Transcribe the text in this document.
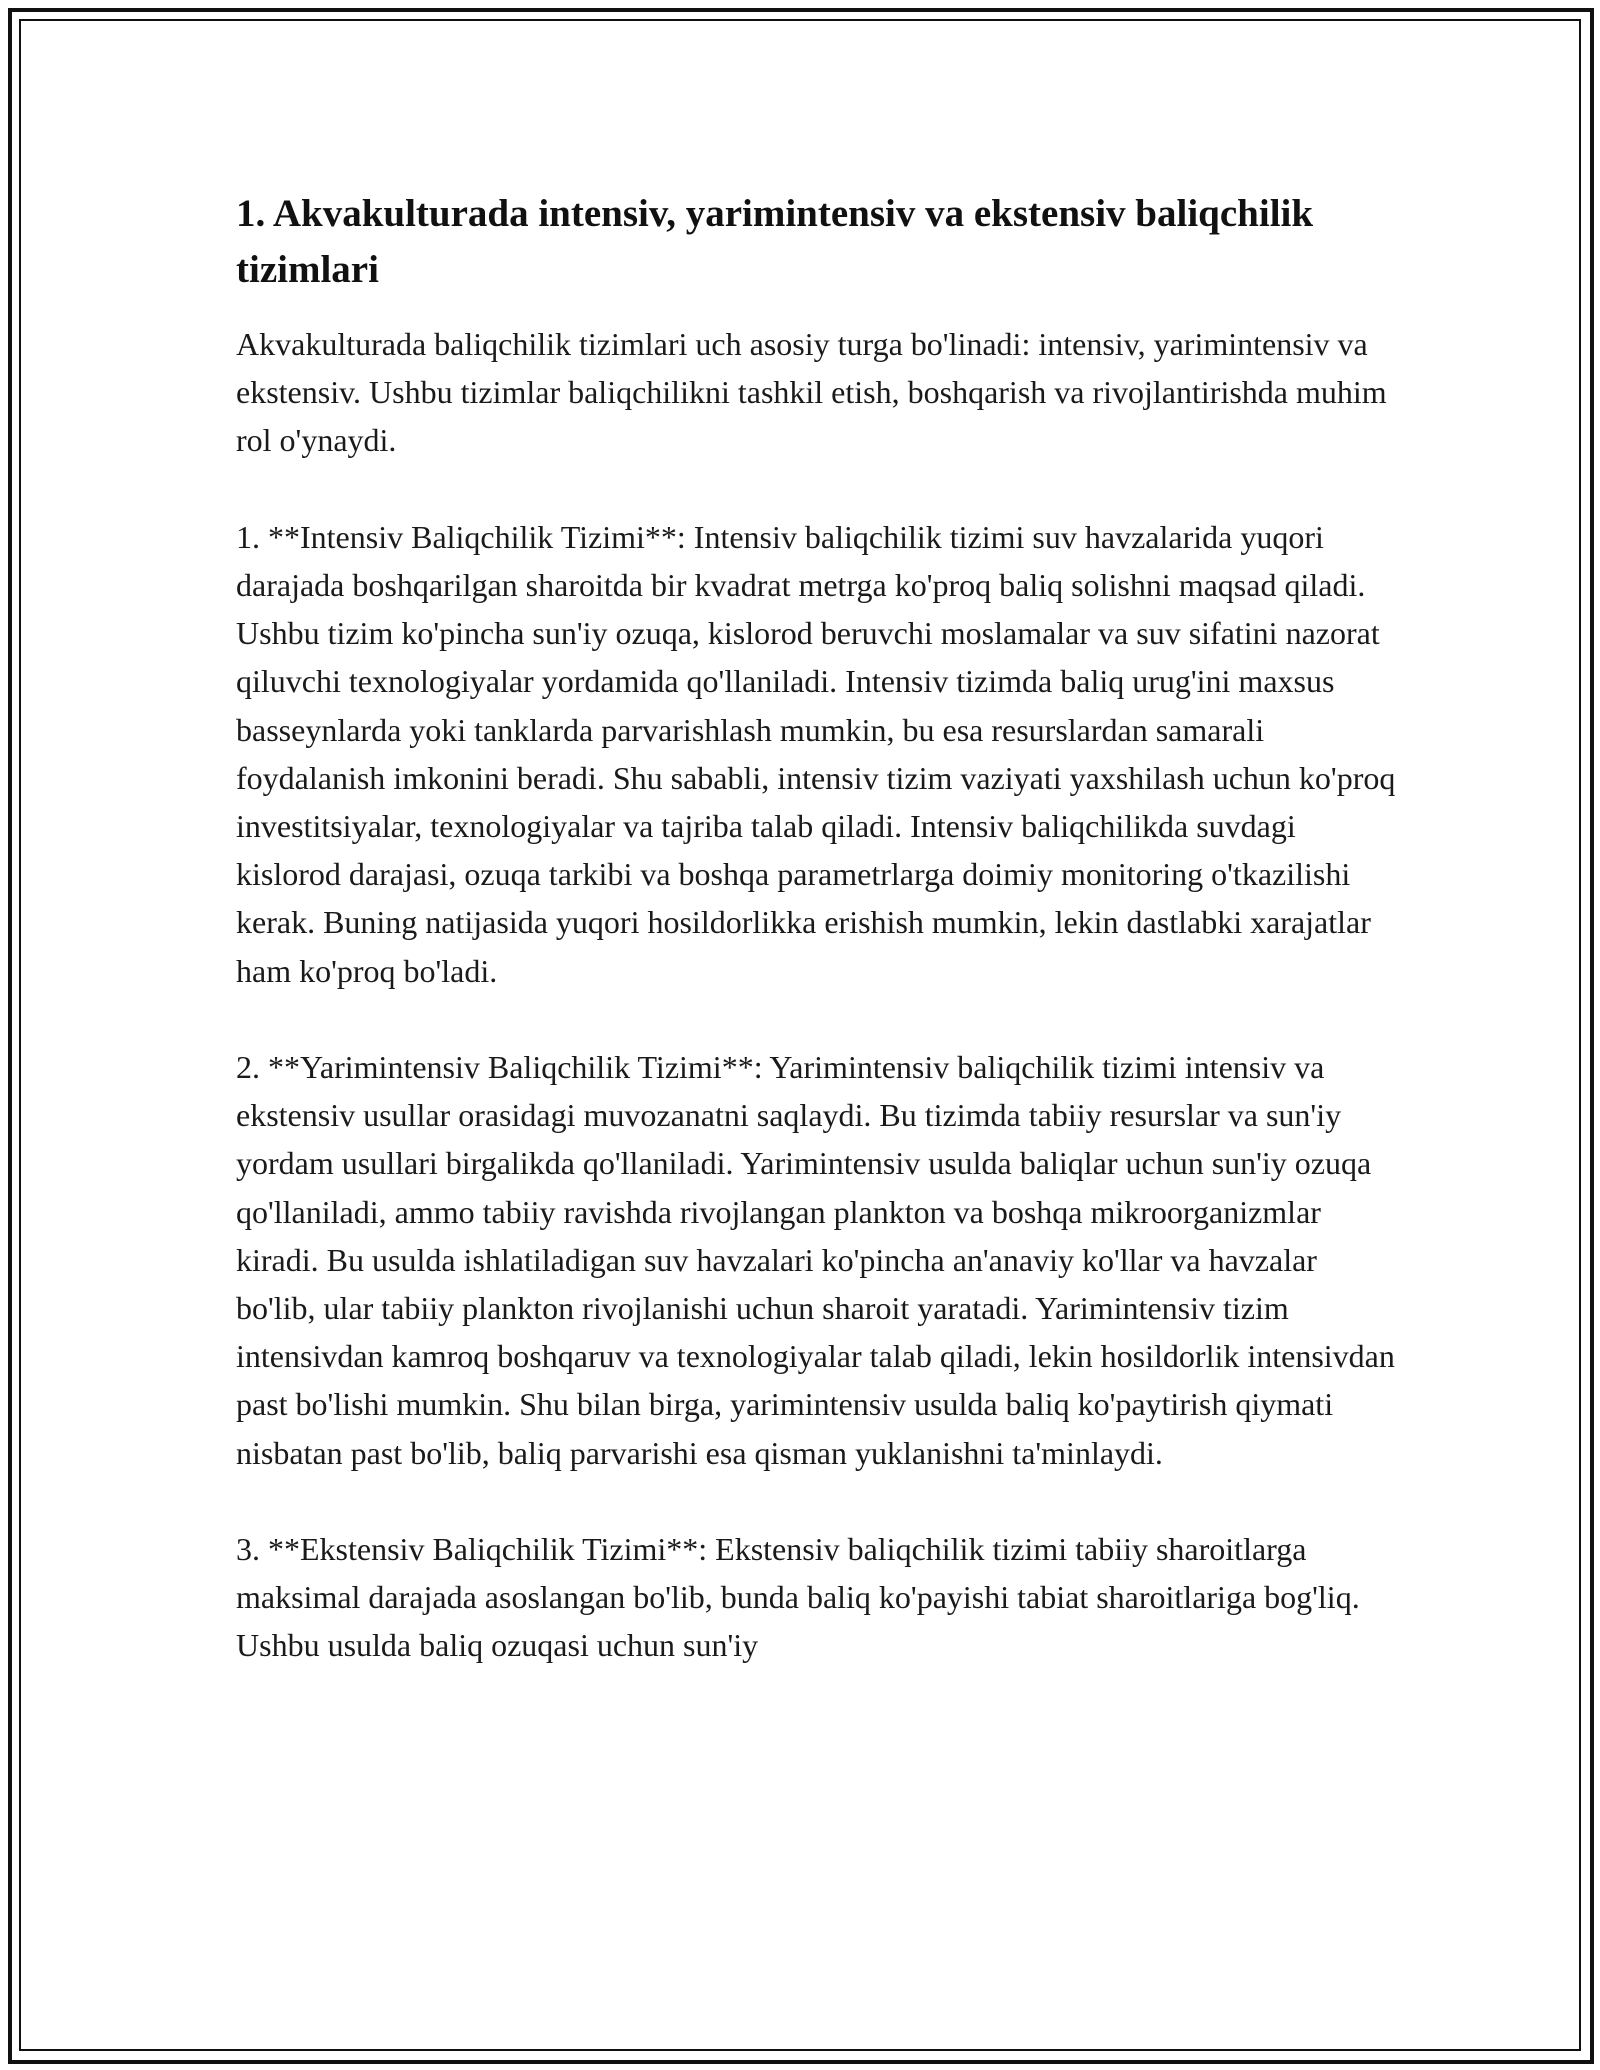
1. Akvakulturada intensiv, yarimintensiv va ekstensiv baliqchilik tizimlari

Akvakulturada baliqchilik tizimlari uch asosiy turga bo'linadi: intensiv, yarimintensiv va ekstensiv. Ushbu tizimlar baliqchilikni tashkil etish, boshqarish va rivojlantirishda muhim rol o'ynaydi.

1. **Intensiv Baliqchilik Tizimi**: Intensiv baliqchilik tizimi suv havzalarida yuqori darajada boshqarilgan sharoitda bir kvadrat metrga ko'proq baliq solishni maqsad qiladi. Ushbu tizim ko'pincha sun'iy ozuqa, kislorod beruvchi moslamalar va suv sifatini nazorat qiluvchi texnologiyalar yordamida qo'llaniladi. Intensiv tizimda baliq urug'ini maxsus basseynlarda yoki tanklarda parvarishlash mumkin, bu esa resurslardan samarali foydalanish imkonini beradi. Shu sababli, intensiv tizim vaziyati yaxshilash uchun ko'proq investitsiyalar, texnologiyalar va tajriba talab qiladi. Intensiv baliqchilikda suvdagi kislorod darajasi, ozuqa tarkibi va boshqa parametrlarga doimiy monitoring o'tkazilishi kerak. Buning natijasida yuqori hosildorlikka erishish mumkin, lekin dastlabki xarajatlar ham ko'proq bo'ladi.

2. **Yarimintensiv Baliqchilik Tizimi**: Yarimintensiv baliqchilik tizimi intensiv va ekstensiv usullar orasidagi muvozanatni saqlaydi. Bu tizimda tabiiy resurslar va sun'iy yordam usullari birgalikda qo'llaniladi. Yarimintensiv usulda baliqlar uchun sun'iy ozuqa qo'llaniladi, ammo tabiiy ravishda rivojlangan plankton va boshqa mikroorganizmlar kiradi. Bu usulda ishlatiladigan suv havzalari ko'pincha an'anaviy ko'llar va havzalar bo'lib, ular tabiiy plankton rivojlanishi uchun sharoit yaratadi. Yarimintensiv tizim intensivdan kamroq boshqaruv va texnologiyalar talab qiladi, lekin hosildorlik intensivdan past bo'lishi mumkin. Shu bilan birga, yarimintensiv usulda baliq ko'paytirish qiymati nisbatan past bo'lib, baliq parvarishi esa qisman yuklanishni ta'minlaydi.

3. **Ekstensiv Baliqchilik Tizimi**: Ekstensiv baliqchilik tizimi tabiiy sharoitlarga maksimal darajada asoslangan bo'lib, bunda baliq ko'payishi tabiat sharoitlariga bog'liq. Ushbu usulda baliq ozuqasi uchun sun'iy
